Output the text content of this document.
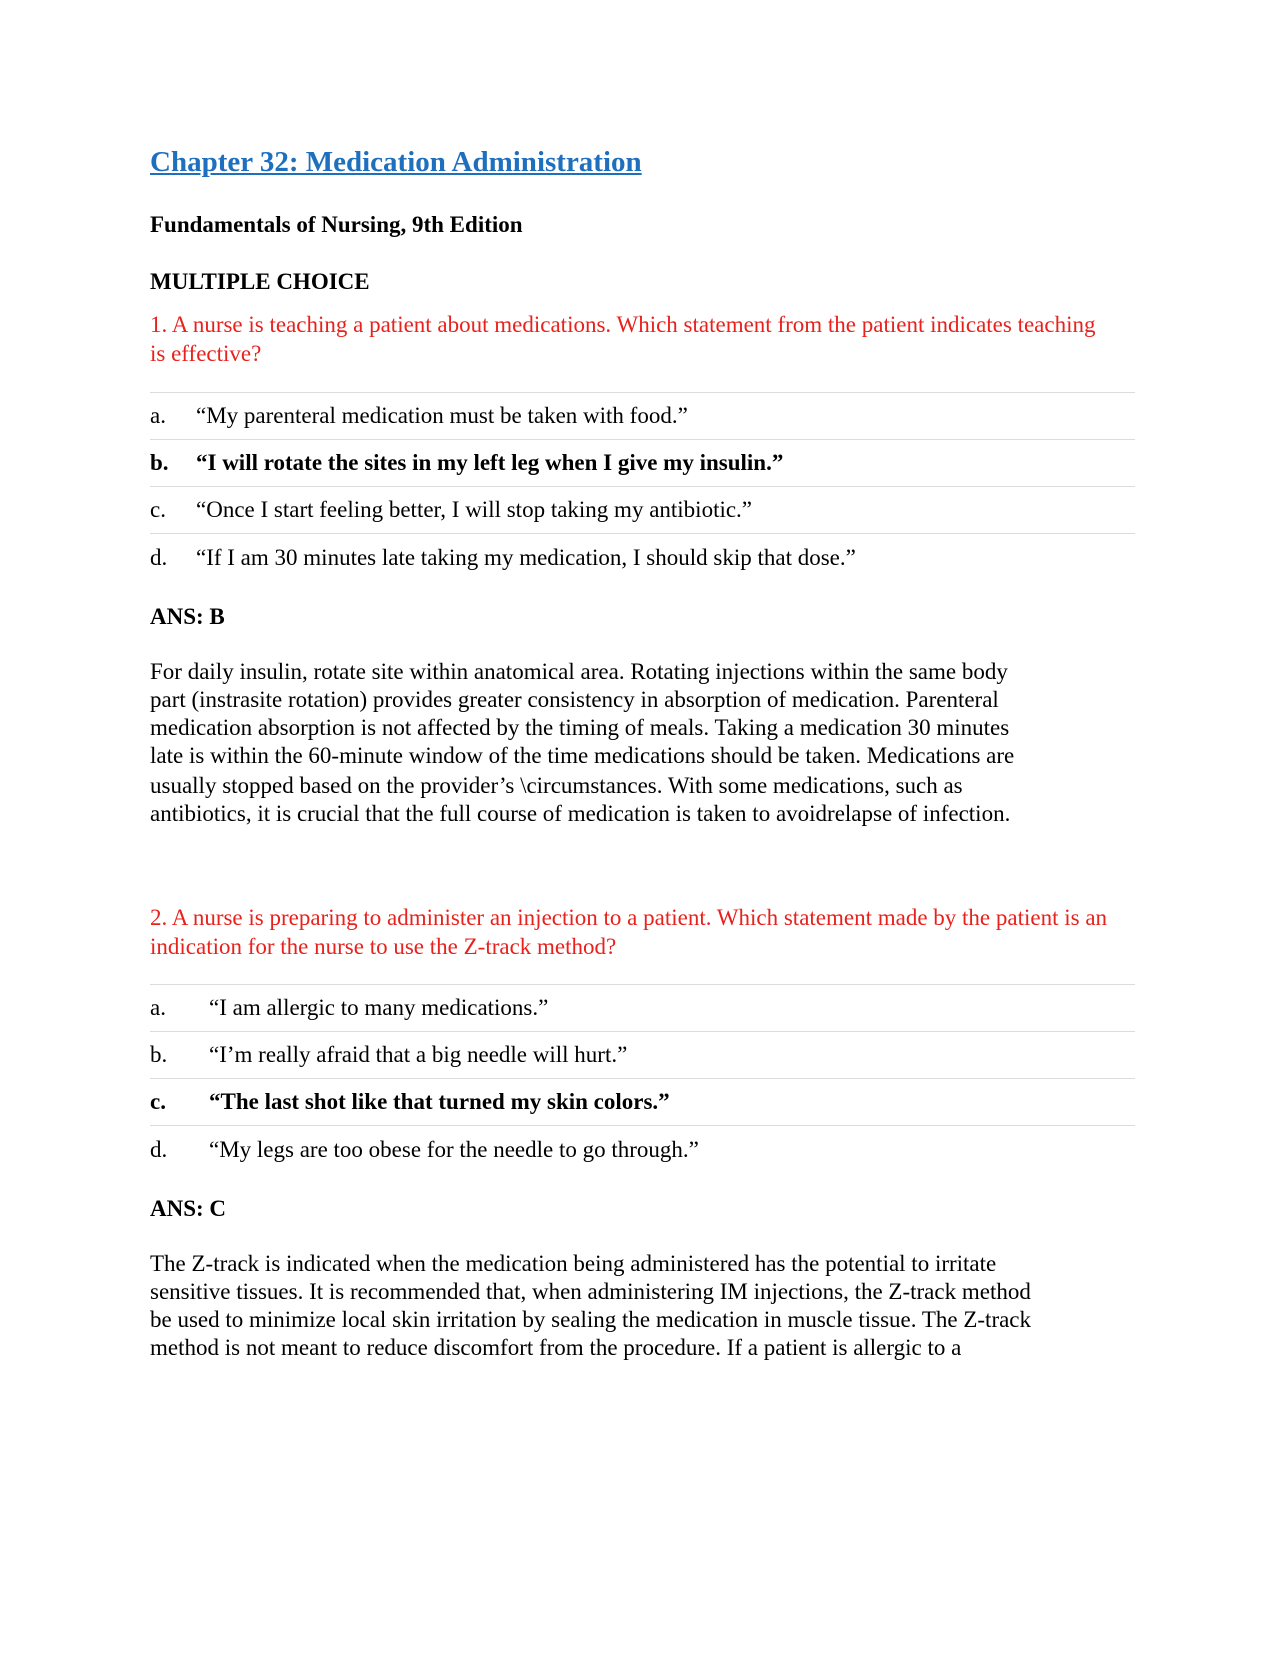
Chapter 32: Medication Administration
Fundamentals of Nursing, 9th Edition
MULTIPLE CHOICE
1. A nurse is teaching a patient about medications. Which statement from the patient indicates teaching is effective?
a.	“My parenteral medication must be taken with food.”
b.	“I will rotate the sites in my left leg when I give my insulin.”
c.	“Once I start feeling better, I will stop taking my antibiotic.”
d.	“If I am 30 minutes late taking my medication, I should skip that dose.”
ANS: B
For daily insulin, rotate site within anatomical area. Rotating injections within the same body
part (instrasite rotation) provides greater consistency in absorption of medication. Parenteral
medication absorption is not affected by the timing of meals. Taking a medication 30 minutes
late is within the 60-minute window of the time medications should be taken. Medications are
usually stopped based on the provider’s \circumstances. With some medications, such as
antibiotics, it is crucial that the full course of medication is taken to avoidrelapse of infection.
2. A nurse is preparing to administer an injection to a patient. Which statement made by the patient is an indication for the nurse to use the Z-track method?
a.	“I am allergic to many medications.”
b.	“I’m really afraid that a big needle will hurt.”
c.	“The last shot like that turned my skin colors.”
d.	“My legs are too obese for the needle to go through.”
ANS: C
The Z-track is indicated when the medication being administered has the potential to irritate
sensitive tissues. It is recommended that, when administering IM injections, the Z-track method
be used to minimize local skin irritation by sealing the medication in muscle tissue. The Z-track
method is not meant to reduce discomfort from the procedure. If a patient is allergic to a
